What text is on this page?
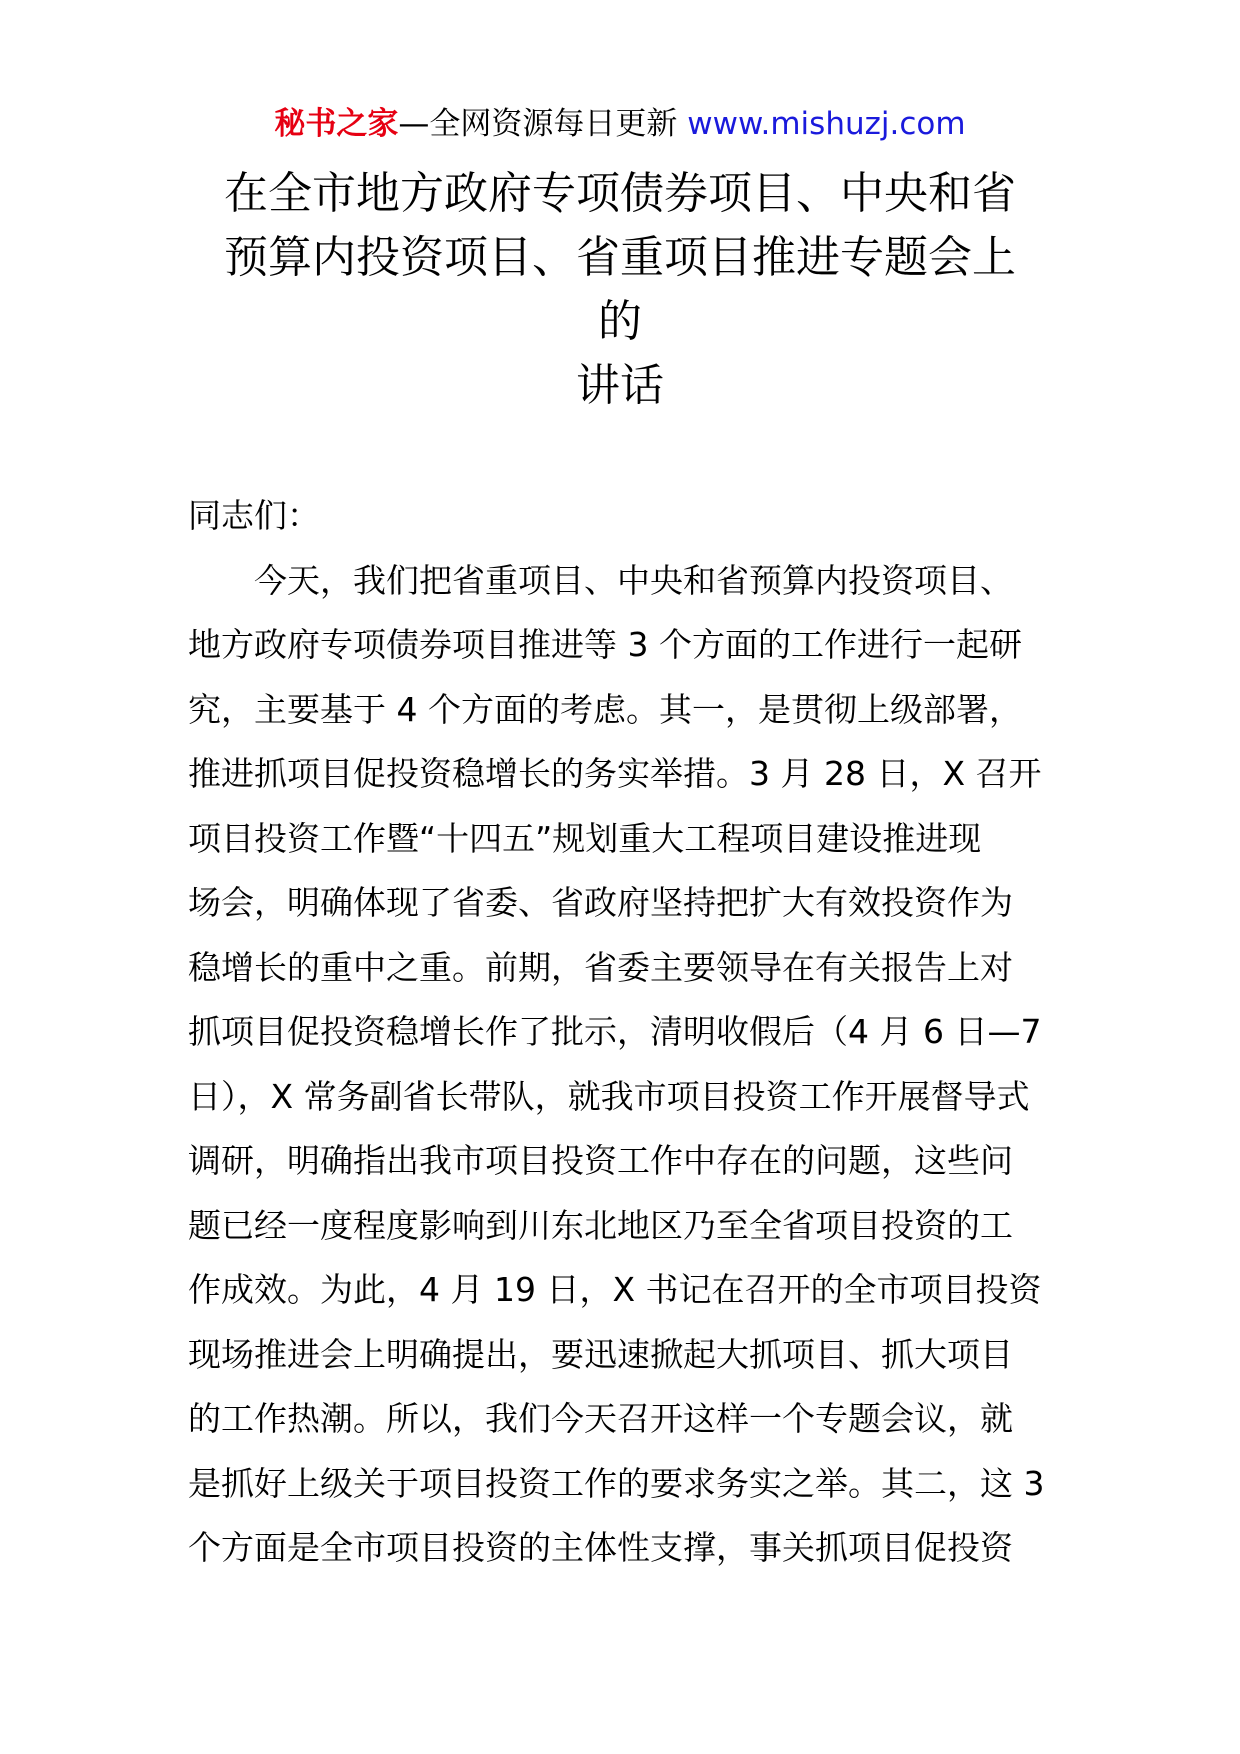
秘书之家—全网资源每日更新 www.mishuzj.com
在全市地方政府专项债券项目、中央和省
预算内投资项目、省重项目推进专题会上
的
讲话
同志们：
今天，我们把省重项目、中央和省预算内投资项目、
地方政府专项债券项目推进等 3 个方面的工作进行一起研
究，主要基于 4 个方面的考虑。其一，是贯彻上级部署，
推进抓项目促投资稳增长的务实举措。3 月 28 日，X 召开
项目投资工作暨“十四五”规划重大工程项目建设推进现
场会，明确体现了省委、省政府坚持把扩大有效投资作为
稳增长的重中之重。前期，省委主要领导在有关报告上对
抓项目促投资稳增长作了批示，清明收假后（4 月 6 日—7
日），X 常务副省长带队，就我市项目投资工作开展督导式
调研，明确指出我市项目投资工作中存在的问题，这些问
题已经一度程度影响到川东北地区乃至全省项目投资的工
作成效。为此，4 月 19 日，X 书记在召开的全市项目投资
现场推进会上明确提出，要迅速掀起大抓项目、抓大项目
的工作热潮。所以，我们今天召开这样一个专题会议，就
是抓好上级关于项目投资工作的要求务实之举。其二，这 3
个方面是全市项目投资的主体性支撑，事关抓项目促投资
